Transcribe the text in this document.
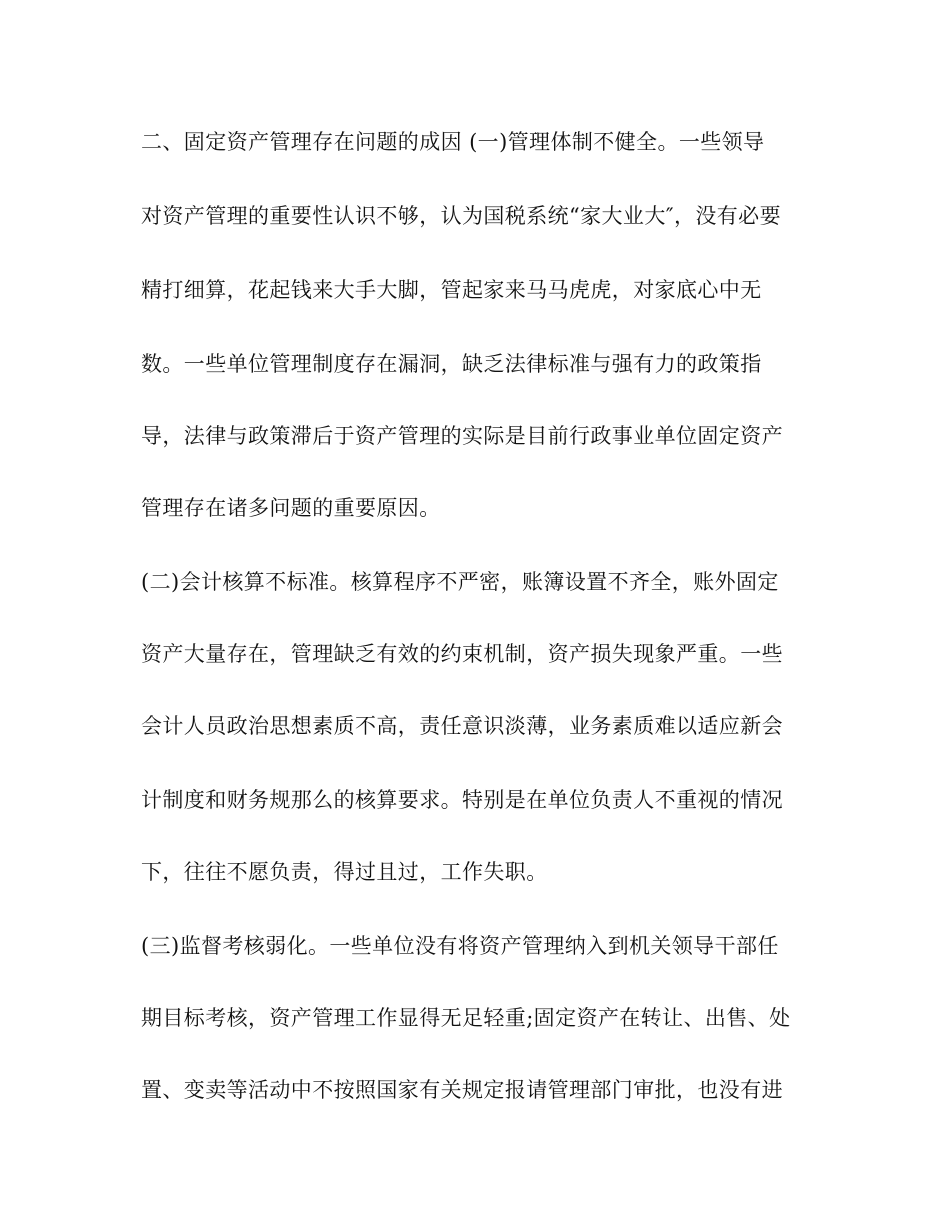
二、固定资产管理存在问题的成因 (一)管理体制不健全。一些领导
对资产管理的重要性认识不够，认为国税系统“家大业大″，没有必要
精打细算，花起钱来大手大脚，管起家来马马虎虎，对家底心中无
数。一些单位管理制度存在漏洞，缺乏法律标准与强有力的政策指
导，法律与政策滞后于资产管理的实际是目前行政事业单位固定资产
管理存在诸多问题的重要原因。
(二)会计核算不标准。核算程序不严密，账簿设置不齐全，账外固定
资产大量存在，管理缺乏有效的约束机制，资产损失现象严重。一些
会计人员政治思想素质不高，责任意识淡薄，业务素质难以适应新会
计制度和财务规那么的核算要求。特别是在单位负责人不重视的情况
下，往往不愿负责，得过且过，工作失职。
(三)监督考核弱化。一些单位没有将资产管理纳入到机关领导干部任
期目标考核，资产管理工作显得无足轻重;固定资产在转让、出售、处
置、变卖等活动中不按照国家有关规定报请管理部门审批，也没有进
